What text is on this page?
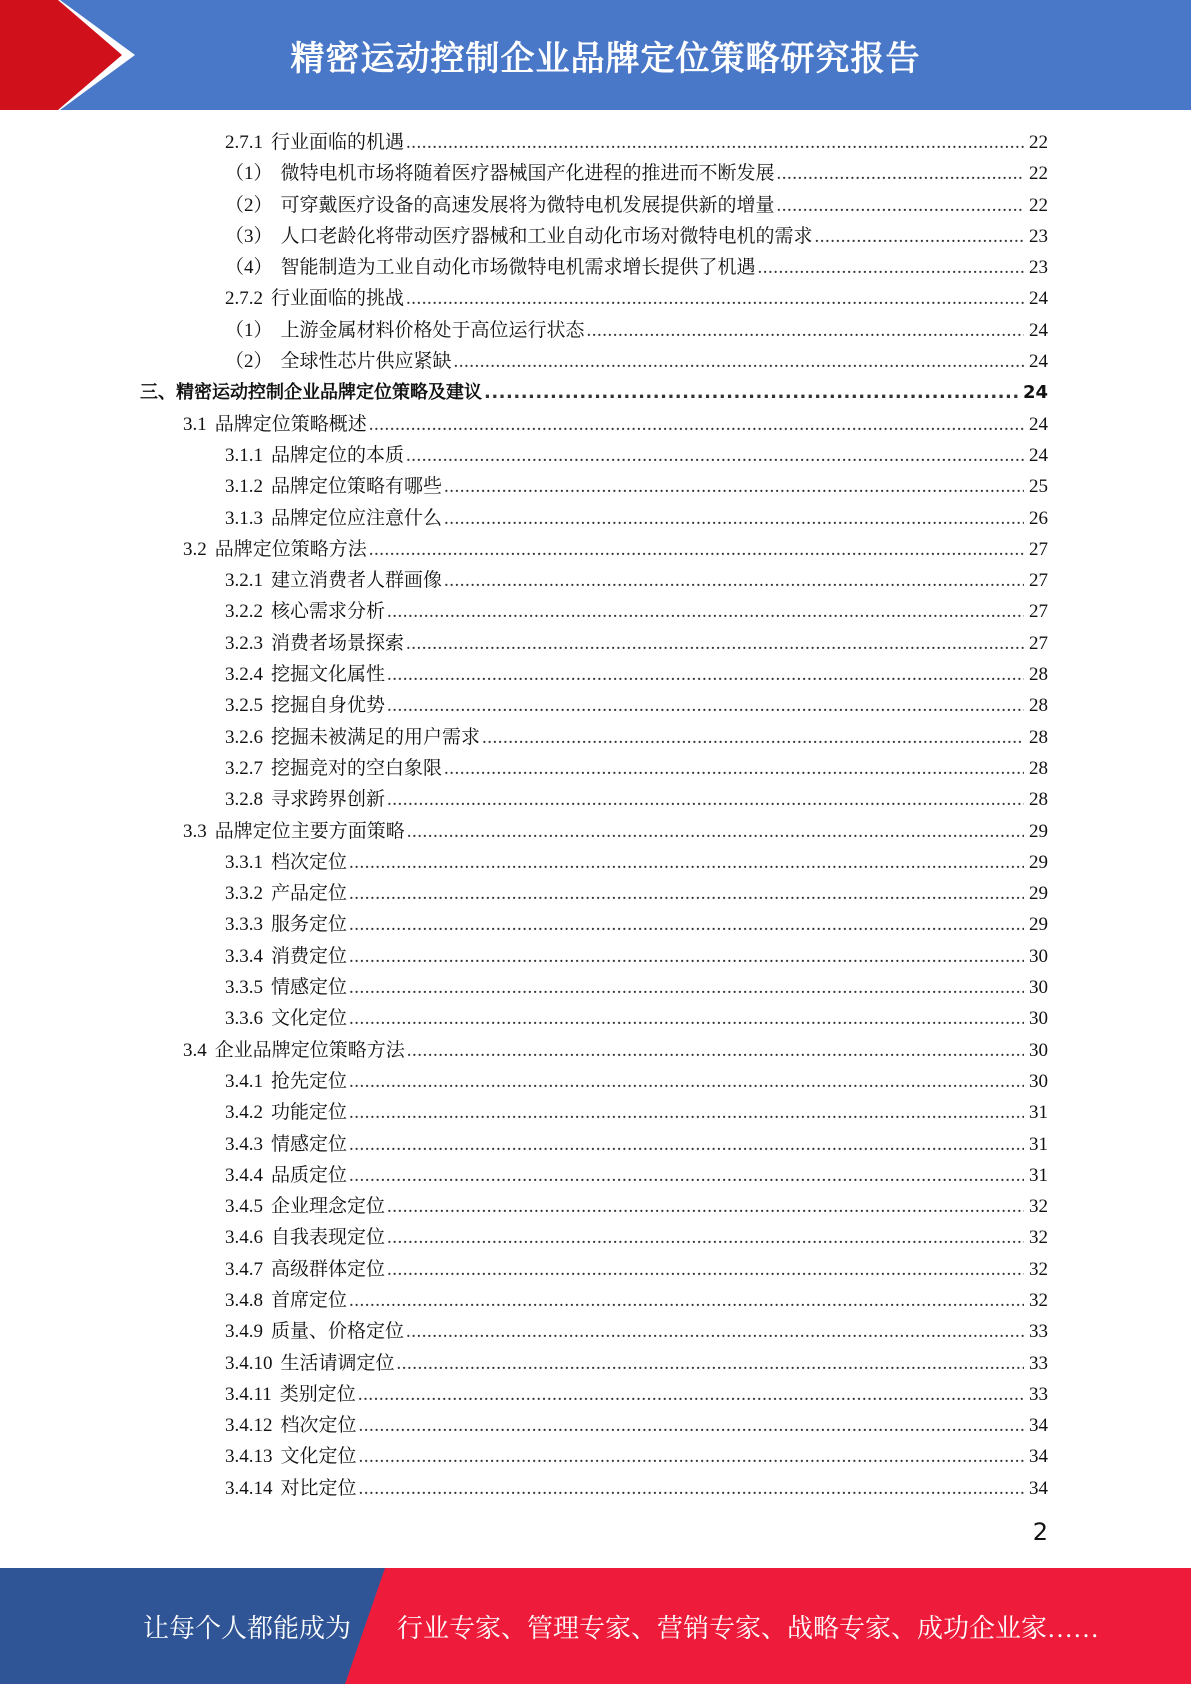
精密运动控制企业品牌定位策略研究报告
2.7.1 行业面临的机遇 .....	22
（1） 微特电机市场将随着医疗器械国产化进程的推进而不断发展 .....	22
（2） 可穿戴医疗设备的高速发展将为微特电机发展提供新的增量 .....	22
（3） 人口老龄化将带动医疗器械和工业自动化市场对微特电机的需求 .....	23
（4） 智能制造为工业自动化市场微特电机需求增长提供了机遇 .....	23
2.7.2 行业面临的挑战 .....	24
（1） 上游金属材料价格处于高位运行状态 .....	24
（2） 全球性芯片供应紧缺 .....	24
三、 精密运动控制企业品牌定位策略及建议 .....	24
3.1 品牌定位策略概述 .....	24
3.1.1 品牌定位的本质 .....	24
3.1.2 品牌定位策略有哪些 .....	25
3.1.3 品牌定位应注意什么 .....	26
3.2 品牌定位策略方法 .....	27
3.2.1 建立消费者人群画像 .....	27
3.2.2 核心需求分析 .....	27
3.2.3 消费者场景探索 .....	27
3.2.4 挖掘文化属性 .....	28
3.2.5 挖掘自身优势 .....	28
3.2.6 挖掘未被满足的用户需求 .....	28
3.2.7 挖掘竞对的空白象限 .....	28
3.2.8 寻求跨界创新 .....	28
3.3 品牌定位主要方面策略 .....	29
3.3.1 档次定位 .....	29
3.3.2 产品定位 .....	29
3.3.3 服务定位 .....	29
3.3.4 消费定位 .....	30
3.3.5 情感定位 .....	30
3.3.6 文化定位 .....	30
3.4 企业品牌定位策略方法 .....	30
3.4.1 抢先定位 .....	30
3.4.2 功能定位 .....	31
3.4.3 情感定位 .....	31
3.4.4 品质定位 .....	31
3.4.5 企业理念定位 .....	32
3.4.6 自我表现定位 .....	32
3.4.7 高级群体定位 .....	32
3.4.8 首席定位 .....	32
3.4.9 质量、价格定位 .....	33
3.4.10 生活请调定位 .....	33
3.4.11 类别定位 .....	33
3.4.12 档次定位 .....	34
3.4.13 文化定位 .....	34
3.4.14 对比定位 .....	34
2
让每个人都能成为 行业专家、管理专家、营销专家、战略专家、成功企业家……
